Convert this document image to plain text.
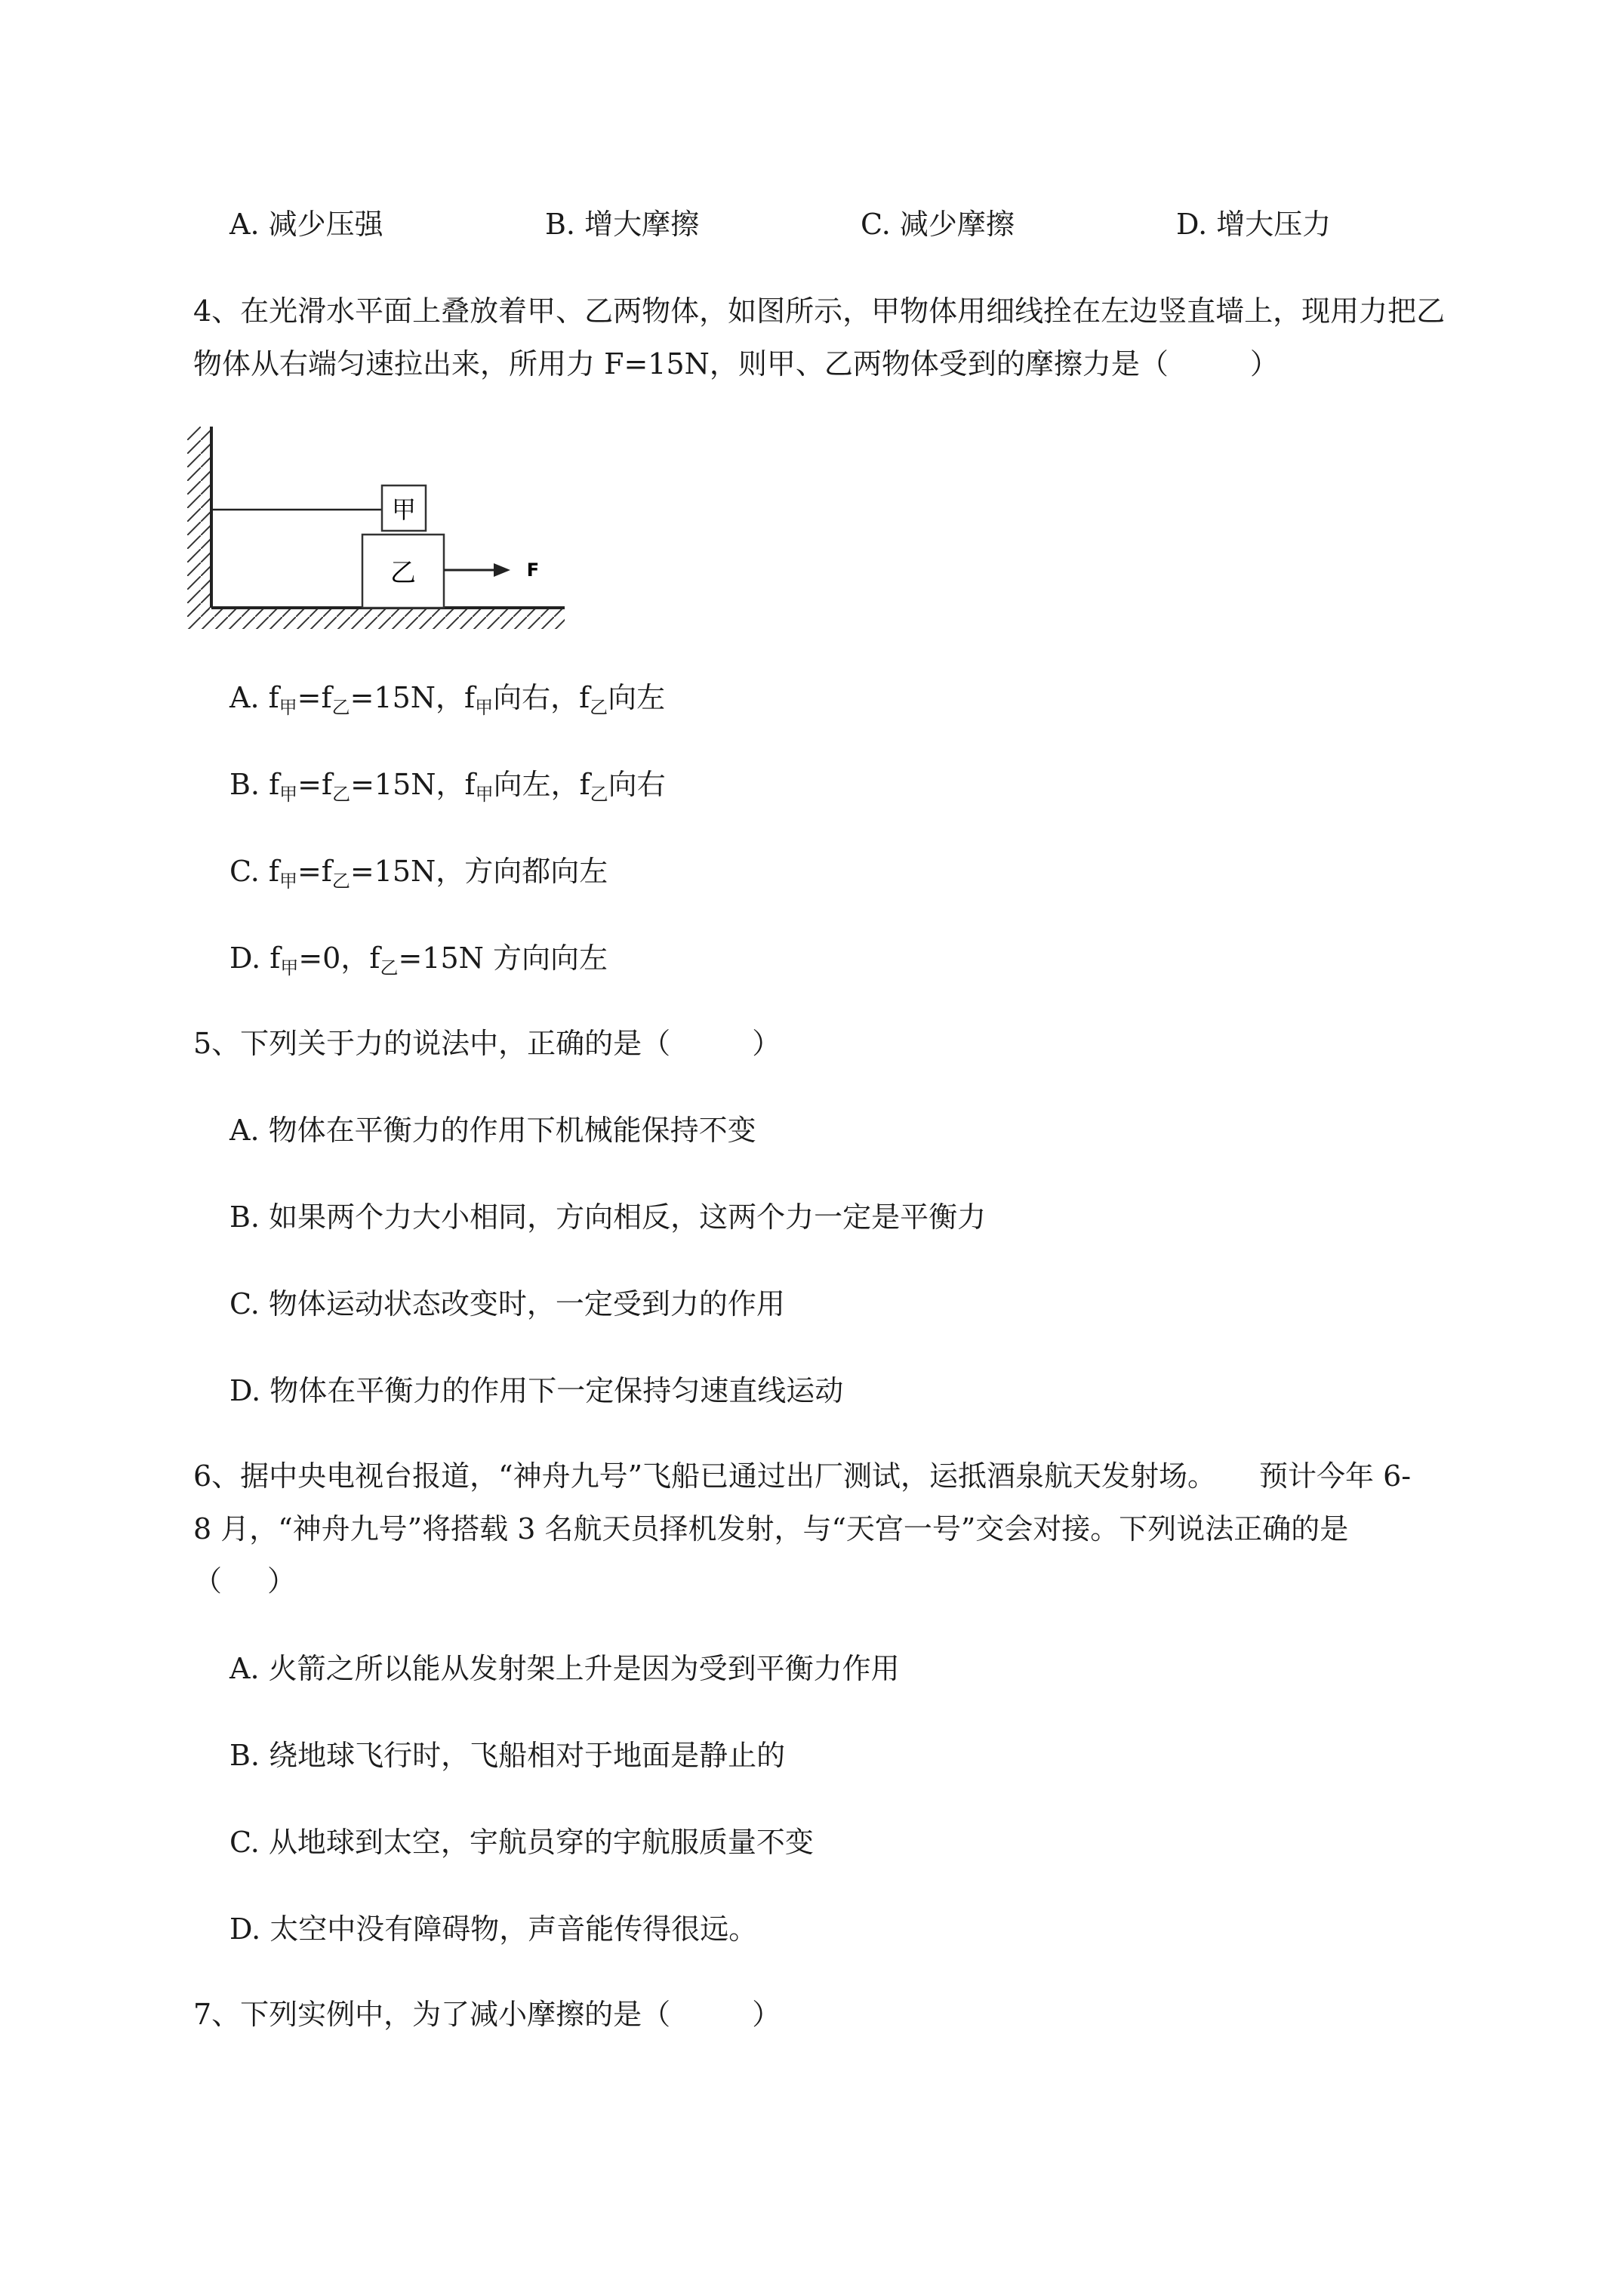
A. 减少压强	B. 增大摩擦	C. 减少摩擦	D. 增大压力
4、在光滑水平面上叠放着甲、乙两物体，如图所示，甲物体用细线拴在左边竖直墙上，现用力把乙
物体从右端匀速拉出来，所用力 F=15N，则甲、乙两物体受到的摩擦力是（	）
甲
乙	F
A. $f_甲=f_乙=15N$，$f_甲$向右，$f_乙$向左
B. $f_甲=f_乙=15N$，$f_甲$向左，$f_乙$向右
C. $f_甲=f_乙=15N$，方向都向左
D. $f_甲=0$，$f_乙=15N$ 方向向左
5、下列关于力的说法中，正确的是（	）
A. 物体在平衡力的作用下机械能保持不变
B. 如果两个力大小相同，方向相反，这两个力一定是平衡力
C. 物体运动状态改变时，一定受到力的作用
D. 物体在平衡力的作用下一定保持匀速直线运动
6、据中央电视台报道，“神舟九号”飞船已通过出厂测试，运抵酒泉航天发射场。　　预计今年 6-
8 月，“神舟九号”将搭载 3 名航天员择机发射，与“天宫一号”交会对接。下列说法正确的是
（ ）
A. 火箭之所以能从发射架上升是因为受到平衡力作用
B. 绕地球飞行时，飞船相对于地面是静止的
C. 从地球到太空，宇航员穿的宇航服质量不变
D. 太空中没有障碍物，声音能传得很远。
7、下列实例中，为了减小摩擦的是（	）
